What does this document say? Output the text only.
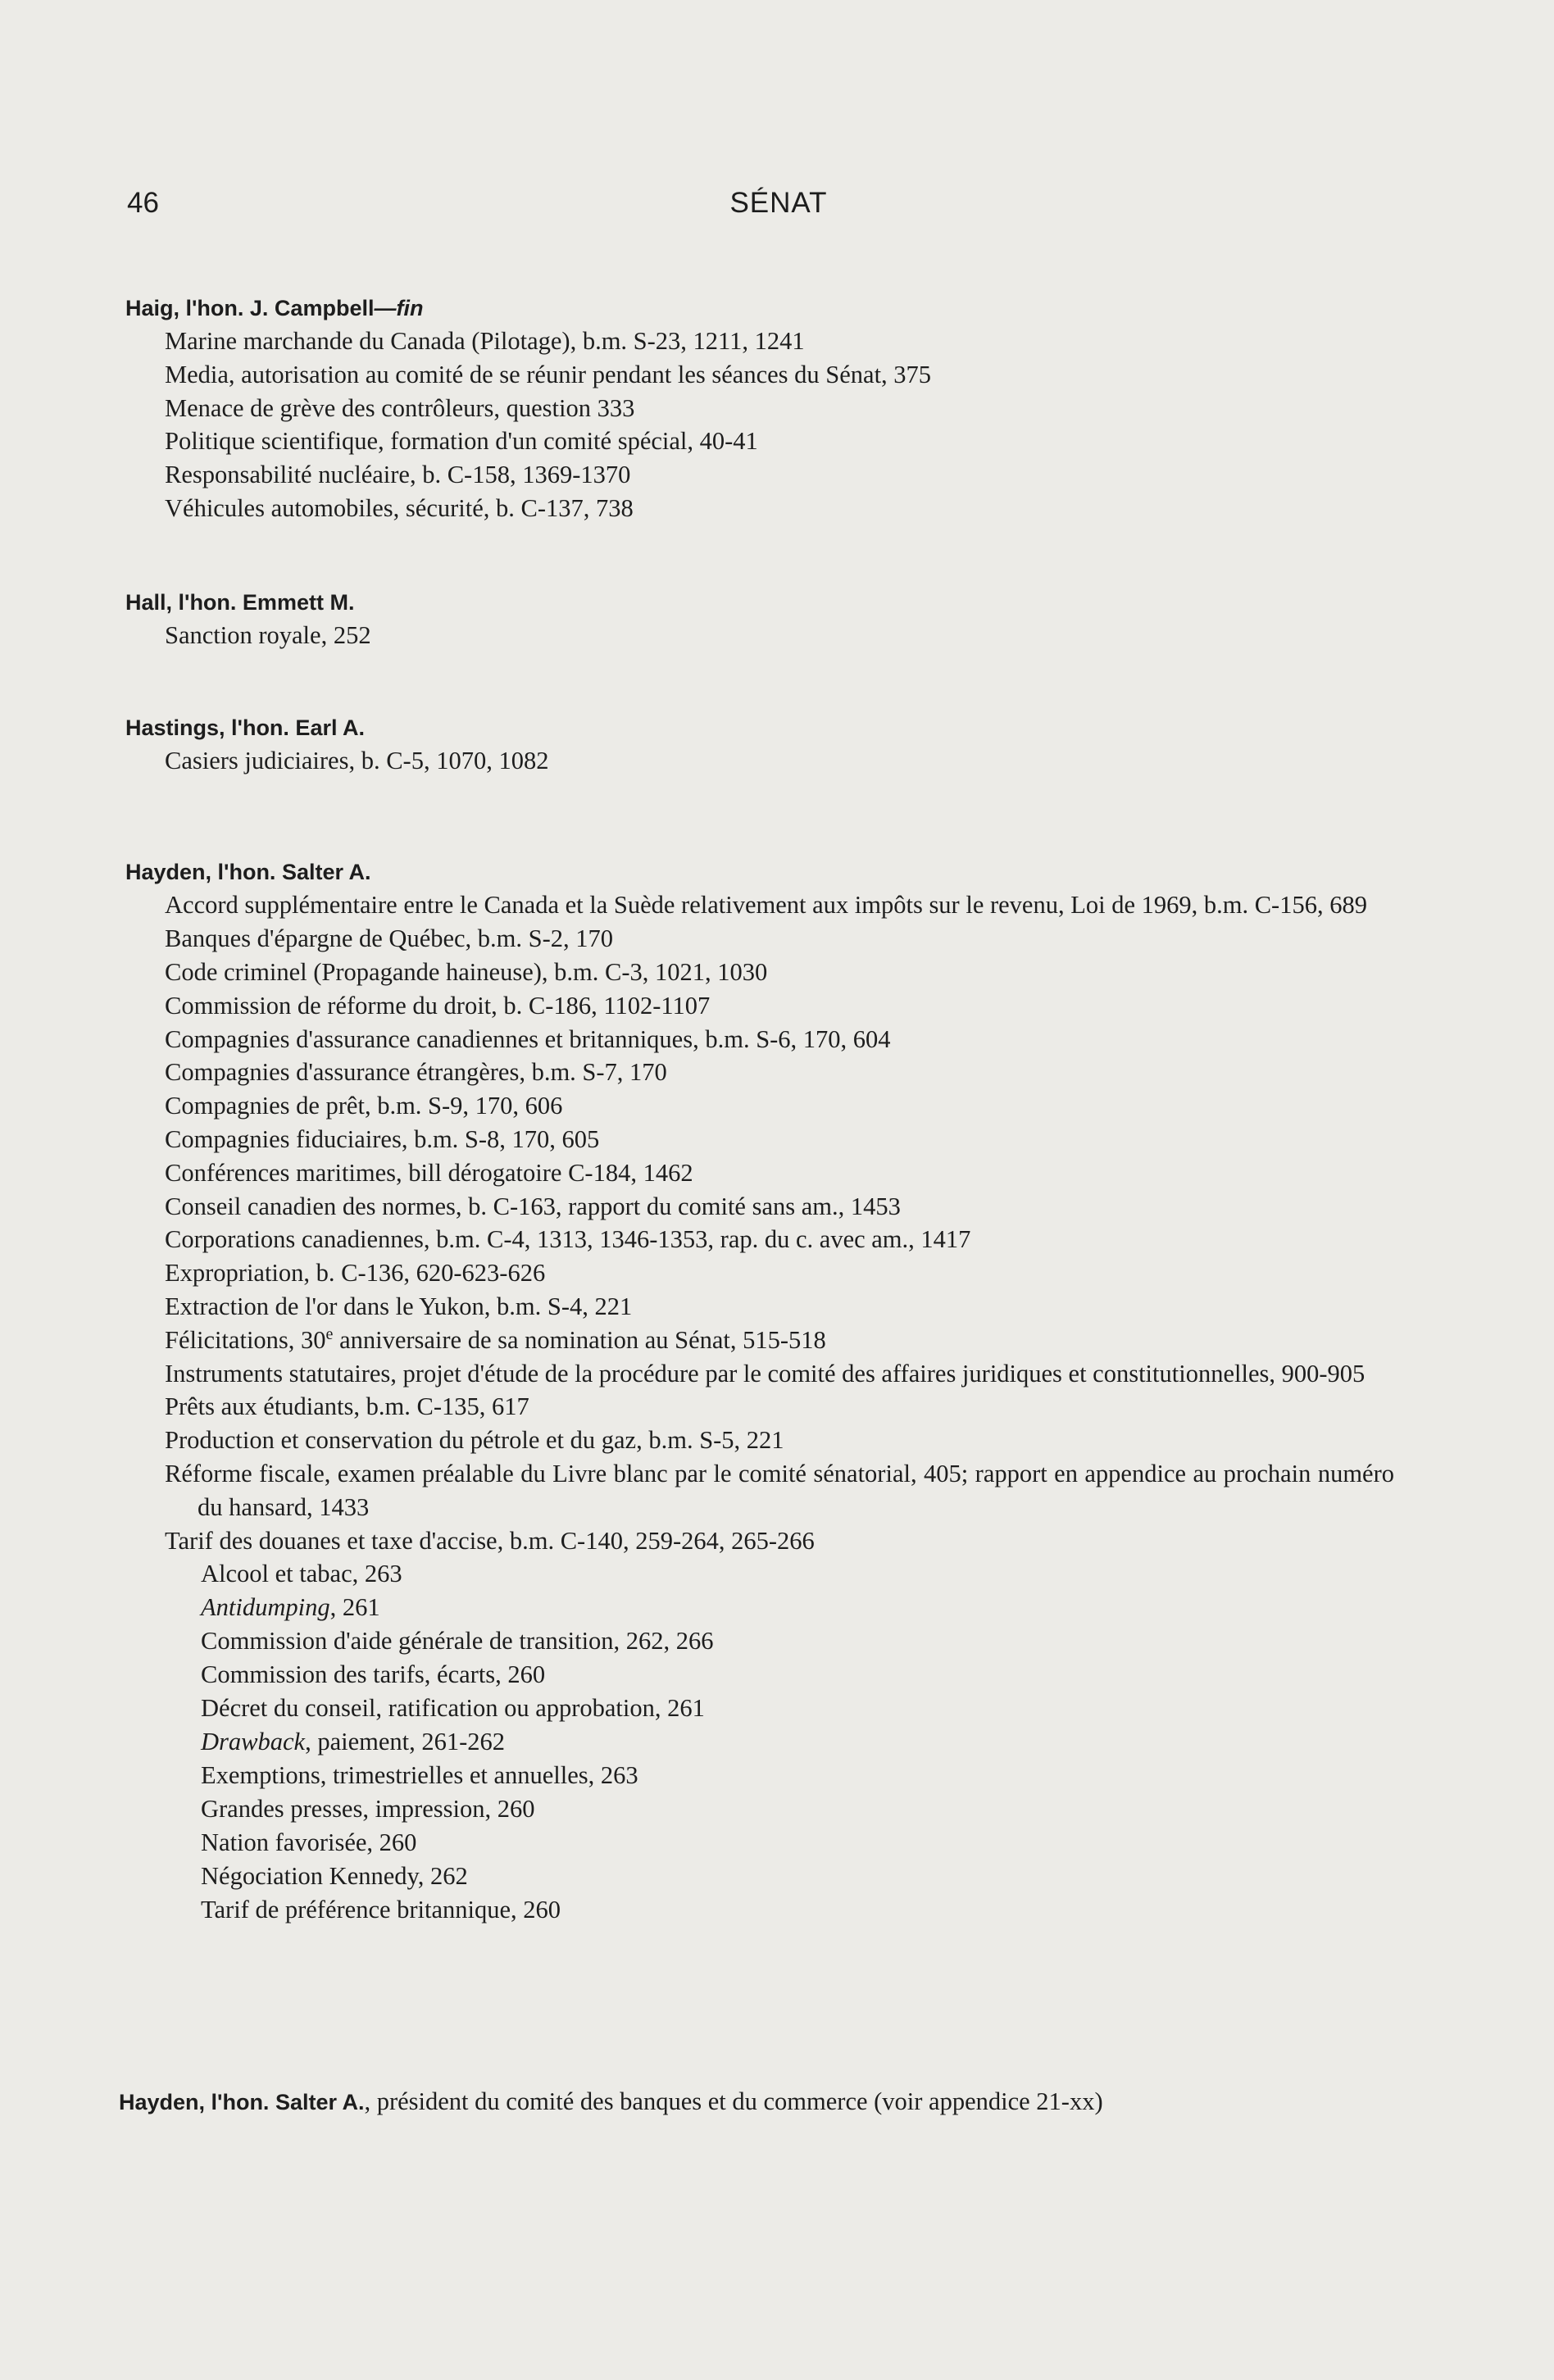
46	SÉNAT
Haig, l'hon. J. Campbell—fin
Marine marchande du Canada (Pilotage), b.m. S-23, 1211, 1241
Media, autorisation au comité de se réunir pendant les séances du Sénat, 375
Menace de grève des contrôleurs, question 333
Politique scientifique, formation d'un comité spécial, 40-41
Responsabilité nucléaire, b. C-158, 1369-1370
Véhicules automobiles, sécurité, b. C-137, 738
Hall, l'hon. Emmett M.
Sanction royale, 252
Hastings, l'hon. Earl A.
Casiers judiciaires, b. C-5, 1070, 1082
Hayden, l'hon. Salter A.
Accord supplémentaire entre le Canada et la Suède relativement aux impôts sur le revenu, Loi de 1969, b.m. C-156, 689
Banques d'épargne de Québec, b.m. S-2, 170
Code criminel (Propagande haineuse), b.m. C-3, 1021, 1030
Commission de réforme du droit, b. C-186, 1102-1107
Compagnies d'assurance canadiennes et britanniques, b.m. S-6, 170, 604
Compagnies d'assurance étrangères, b.m. S-7, 170
Compagnies de prêt, b.m. S-9, 170, 606
Compagnies fiduciaires, b.m. S-8, 170, 605
Conférences maritimes, bill dérogatoire C-184, 1462
Conseil canadien des normes, b. C-163, rapport du comité sans am., 1453
Corporations canadiennes, b.m. C-4, 1313, 1346-1353, rap. du c. avec am., 1417
Expropriation, b. C-136, 620-623-626
Extraction de l'or dans le Yukon, b.m. S-4, 221
Félicitations, 30e anniversaire de sa nomination au Sénat, 515-518
Instruments statutaires, projet d'étude de la procédure par le comité des affaires juridiques et constitutionnelles, 900-905
Prêts aux étudiants, b.m. C-135, 617
Production et conservation du pétrole et du gaz, b.m. S-5, 221
Réforme fiscale, examen préalable du Livre blanc par le comité sénatorial, 405; rapport en appendice au prochain numéro du hansard, 1433
Tarif des douanes et taxe d'accise, b.m. C-140, 259-264, 265-266
Alcool et tabac, 263
Antidumping, 261
Commission d'aide générale de transition, 262, 266
Commission des tarifs, écarts, 260
Décret du conseil, ratification ou approbation, 261
Drawback, paiement, 261-262
Exemptions, trimestrielles et annuelles, 263
Grandes presses, impression, 260
Nation favorisée, 260
Négociation Kennedy, 262
Tarif de préférence britannique, 260
Hayden, l'hon. Salter A., président du comité des banques et du commerce (voir appendice 21-xx)
